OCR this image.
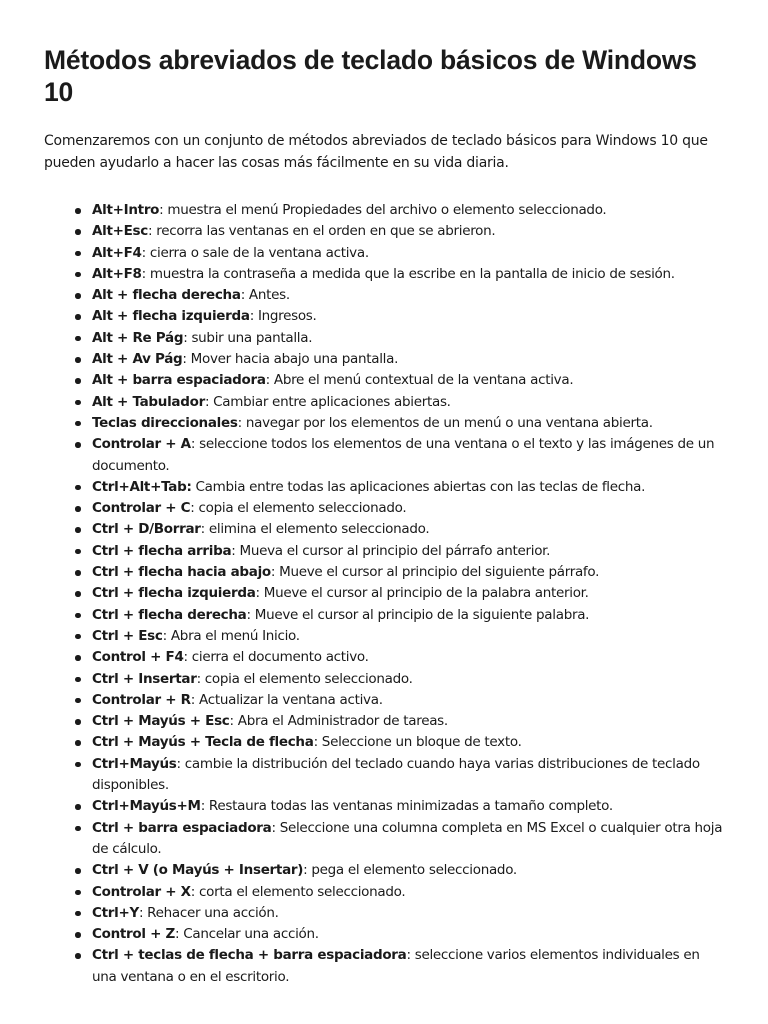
Métodos abreviados de teclado básicos de Windows 10

Comenzaremos con un conjunto de métodos abreviados de teclado básicos para Windows 10 que pueden ayudarlo a hacer las cosas más fácilmente en su vida diaria.

Alt+Intro: muestra el menú Propiedades del archivo o elemento seleccionado.
Alt+Esc: recorra las ventanas en el orden en que se abrieron.
Alt+F4: cierra o sale de la ventana activa.
Alt+F8: muestra la contraseña a medida que la escribe en la pantalla de inicio de sesión.
Alt + flecha derecha: Antes.
Alt + flecha izquierda: Ingresos.
Alt + Re Pág: subir una pantalla.
Alt + Av Pág: Mover hacia abajo una pantalla.
Alt + barra espaciadora: Abre el menú contextual de la ventana activa.
Alt + Tabulador: Cambiar entre aplicaciones abiertas.
Teclas direccionales: navegar por los elementos de un menú o una ventana abierta.
Controlar + A: seleccione todos los elementos de una ventana o el texto y las imágenes de un documento.
Ctrl+Alt+Tab: Cambia entre todas las aplicaciones abiertas con las teclas de flecha.
Controlar + C: copia el elemento seleccionado.
Ctrl + D/Borrar: elimina el elemento seleccionado.
Ctrl + flecha arriba: Mueva el cursor al principio del párrafo anterior.
Ctrl + flecha hacia abajo: Mueve el cursor al principio del siguiente párrafo.
Ctrl + flecha izquierda: Mueve el cursor al principio de la palabra anterior.
Ctrl + flecha derecha: Mueve el cursor al principio de la siguiente palabra.
Ctrl + Esc: Abra el menú Inicio.
Control + F4: cierra el documento activo.
Ctrl + Insertar: copia el elemento seleccionado.
Controlar + R: Actualizar la ventana activa.
Ctrl + Mayús + Esc: Abra el Administrador de tareas.
Ctrl + Mayús + Tecla de flecha: Seleccione un bloque de texto.
Ctrl+Mayús: cambie la distribución del teclado cuando haya varias distribuciones de teclado disponibles.
Ctrl+Mayús+M: Restaura todas las ventanas minimizadas a tamaño completo.
Ctrl + barra espaciadora: Seleccione una columna completa en MS Excel o cualquier otra hoja de cálculo.
Ctrl + V (o Mayús + Insertar): pega el elemento seleccionado.
Controlar + X: corta el elemento seleccionado.
Ctrl+Y: Rehacer una acción.
Control + Z: Cancelar una acción.
Ctrl + teclas de flecha + barra espaciadora: seleccione varios elementos individuales en una ventana o en el escritorio.
